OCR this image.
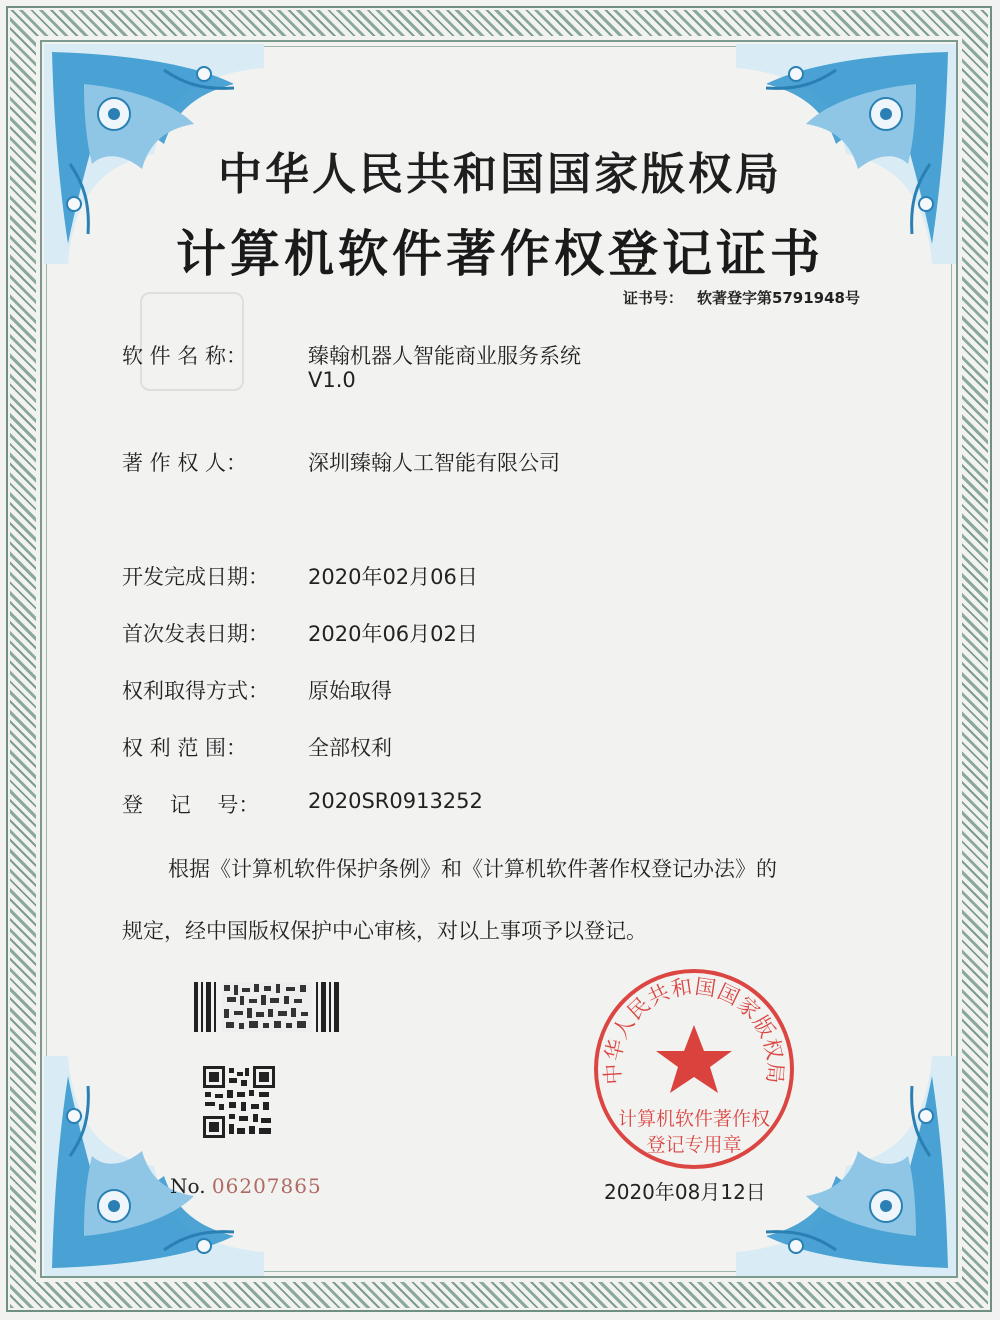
中华人民共和国国家版权局
计算机软件著作权登记证书
证书号： 软著登字第5791948号
软 件 名 称：	臻翰机器人智能商业服务系统
V1.0
著 作 权 人：	深圳臻翰人工智能有限公司
开发完成日期：	2020年02月06日
首次发表日期：	2020年06月02日
权利取得方式：	原始取得
权 利 范 围：	全部权利
登    记    号：	2020SR0913252
根据《计算机软件保护条例》和《计算机软件著作权登记办法》的
规定，经中国版权保护中心审核，对以上事项予以登记。
No. 06207865
中华人民共和国国家版权局
计算机软件著作权
登记专用章
2020年08月12日
